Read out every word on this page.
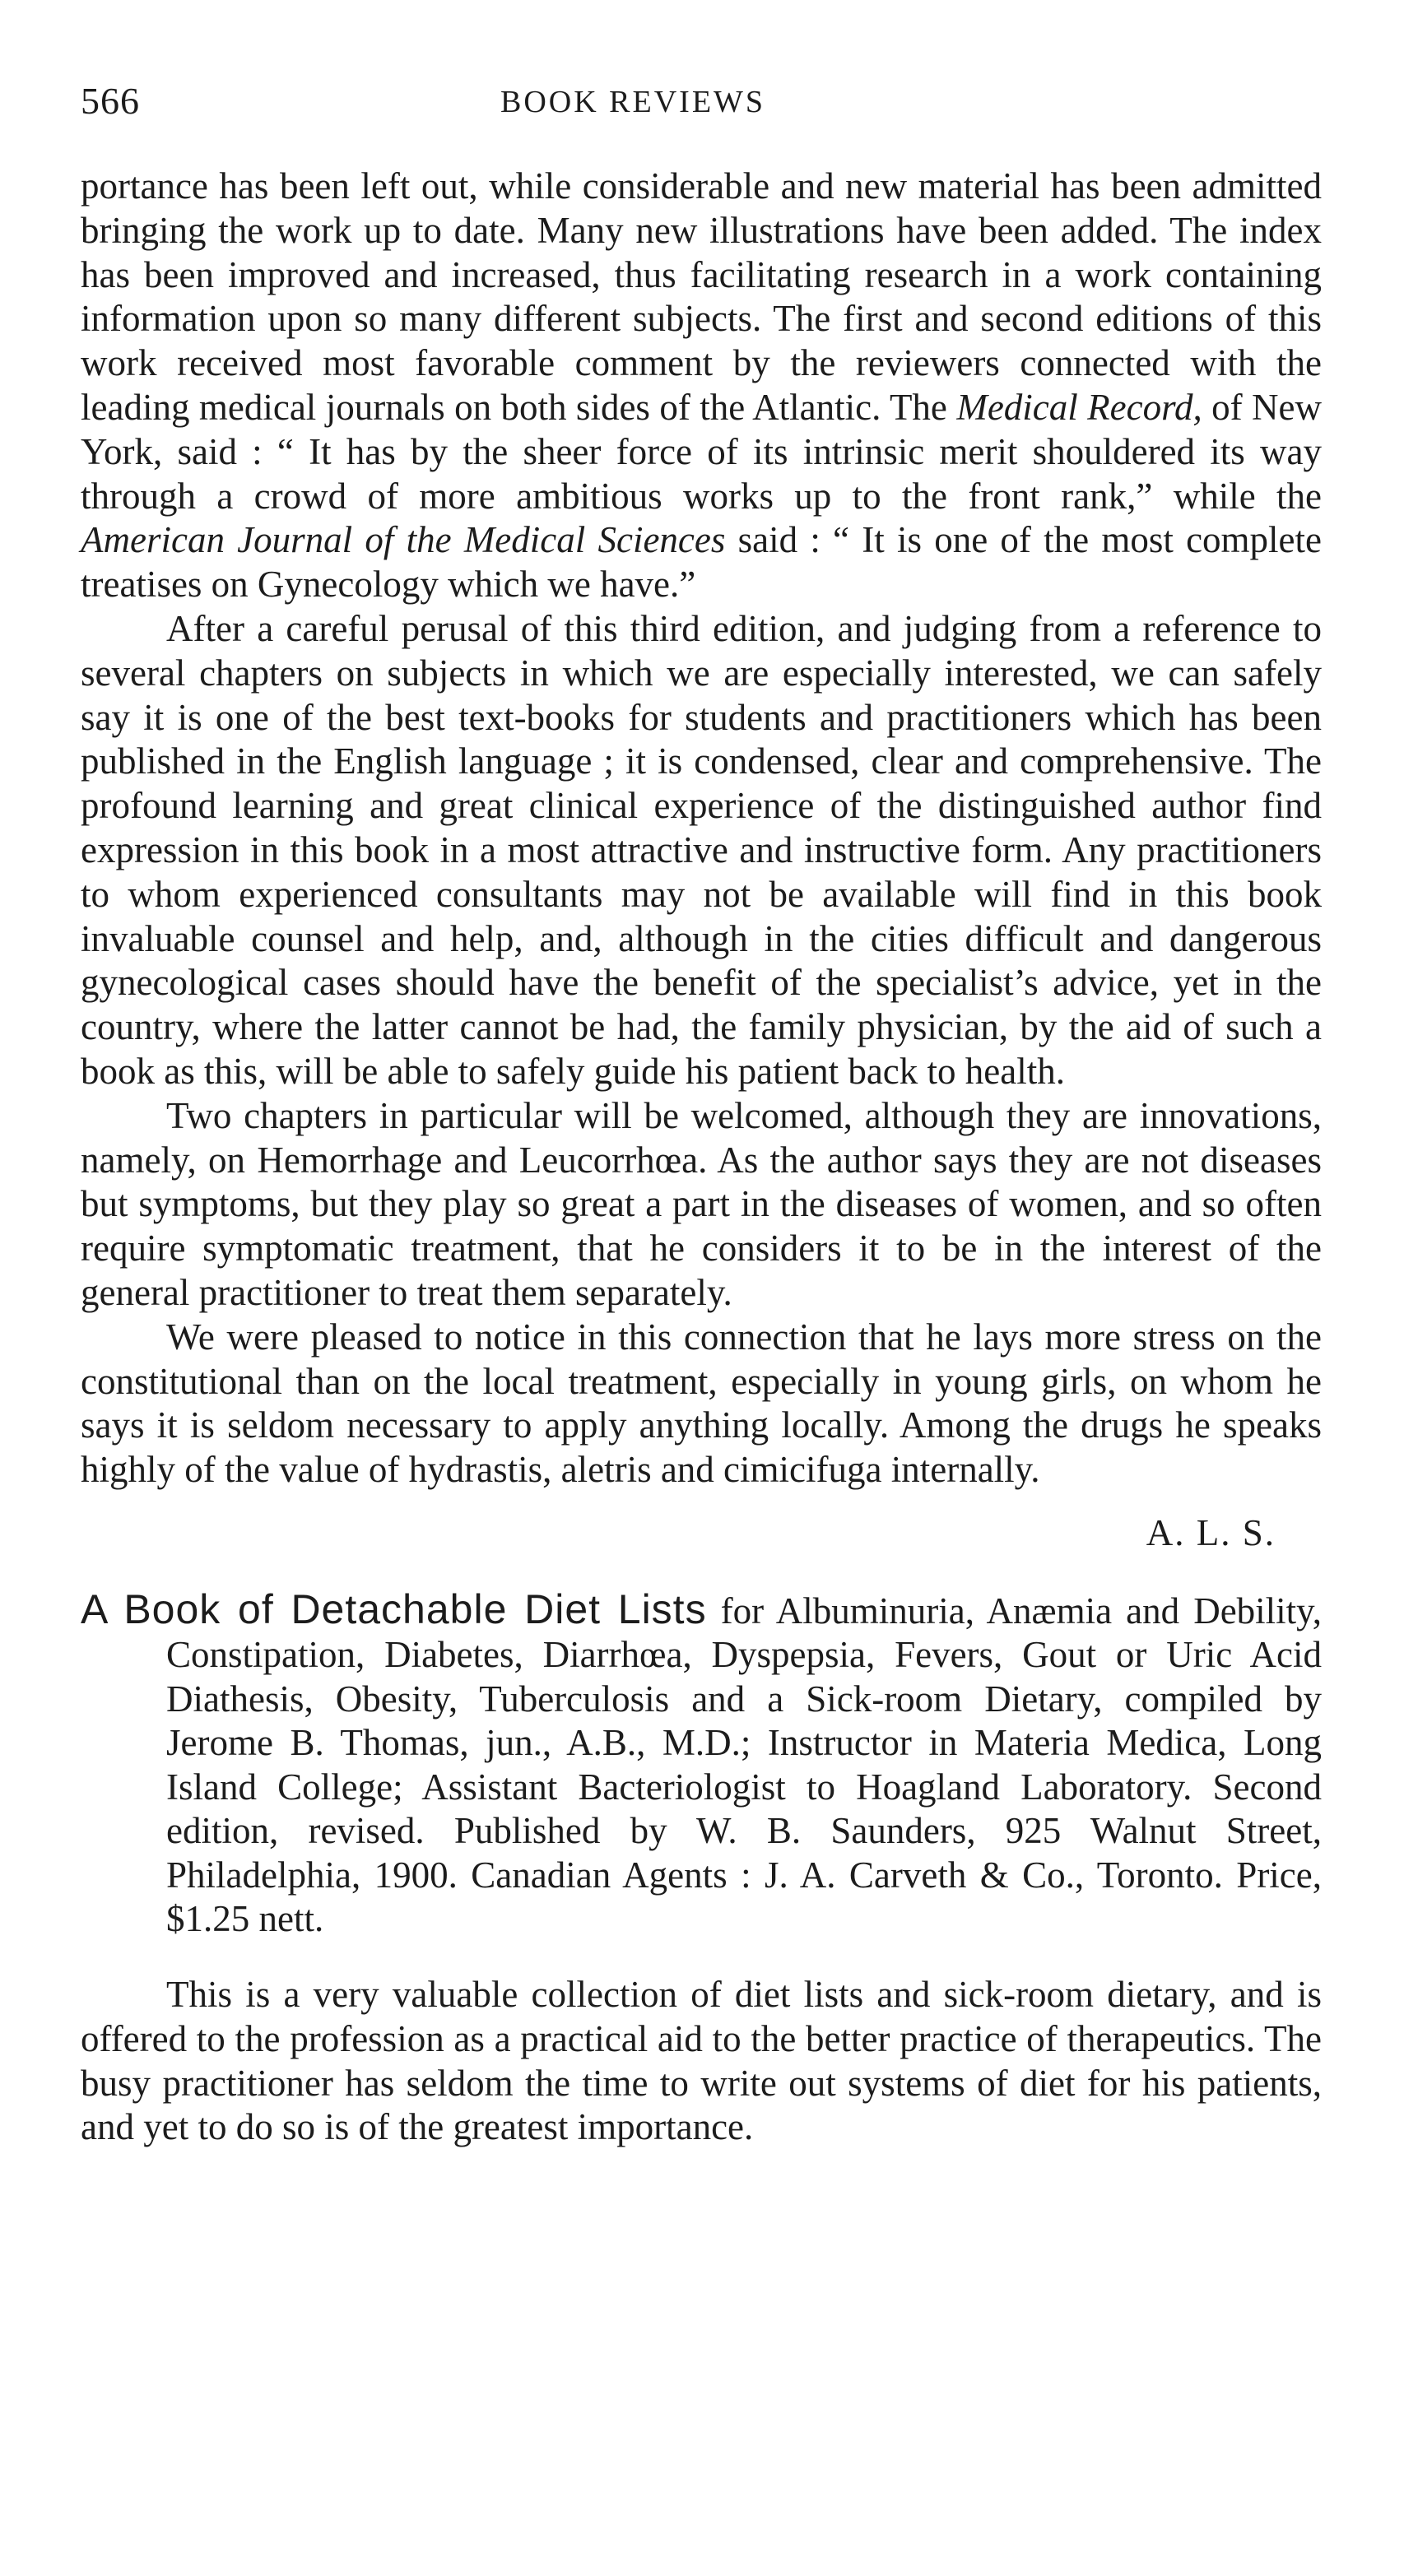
566	BOOK REVIEWS

portance has been left out, while considerable and new material has been admitted bringing the work up to date. Many new illustrations have been added. The index has been improved and increased, thus facilitating research in a work containing information upon so many different subjects. The first and second editions of this work received most favorable comment by the reviewers connected with the leading medical journals on both sides of the Atlantic. The Medical Record, of New York, said : “ It has by the sheer force of its intrinsic merit shouldered its way through a crowd of more ambitious works up to the front rank,” while the American Journal of the Medical Sciences said : “ It is one of the most complete treatises on Gynecology which we have.”

After a careful perusal of this third edition, and judging from a reference to several chapters on subjects in which we are especially interested, we can safely say it is one of the best text-books for students and practitioners which has been published in the English language ; it is condensed, clear and comprehensive. The profound learning and great clinical experience of the distinguished author find expression in this book in a most attractive and instructive form. Any practitioners to whom experienced consultants may not be available will find in this book invaluable counsel and help, and, although in the cities difficult and dangerous gynecological cases should have the benefit of the specialist’s advice, yet in the country, where the latter cannot be had, the family physician, by the aid of such a book as this, will be able to safely guide his patient back to health.

Two chapters in particular will be welcomed, although they are innovations, namely, on Hemorrhage and Leucorrhœa. As the author says they are not diseases but symptoms, but they play so great a part in the diseases of women, and so often require symptomatic treatment, that he considers it to be in the interest of the general practitioner to treat them separately.

We were pleased to notice in this connection that he lays more stress on the constitutional than on the local treatment, especially in young girls, on whom he says it is seldom necessary to apply anything locally. Among the drugs he speaks highly of the value of hydrastis, aletris and cimicifuga internally.

A. L. S.

A Book of Detachable Diet Lists for Albuminuria, Anæmia and Debility, Constipation, Diabetes, Diarrhœa, Dyspepsia, Fevers, Gout or Uric Acid Diathesis, Obesity, Tuberculosis and a Sick-room Dietary, compiled by Jerome B. Thomas, jun., A.B., M.D.; Instructor in Materia Medica, Long Island College; Assistant Bacteriologist to Hoagland Laboratory. Second edition, revised. Published by W. B. Saunders, 925 Walnut Street, Philadelphia, 1900. Canadian Agents : J. A. Carveth & Co., Toronto. Price, $1.25 nett.

This is a very valuable collection of diet lists and sick-room dietary, and is offered to the profession as a practical aid to the better practice of therapeutics. The busy practitioner has seldom the time to write out systems of diet for his patients, and yet to do so is of the greatest importance.
